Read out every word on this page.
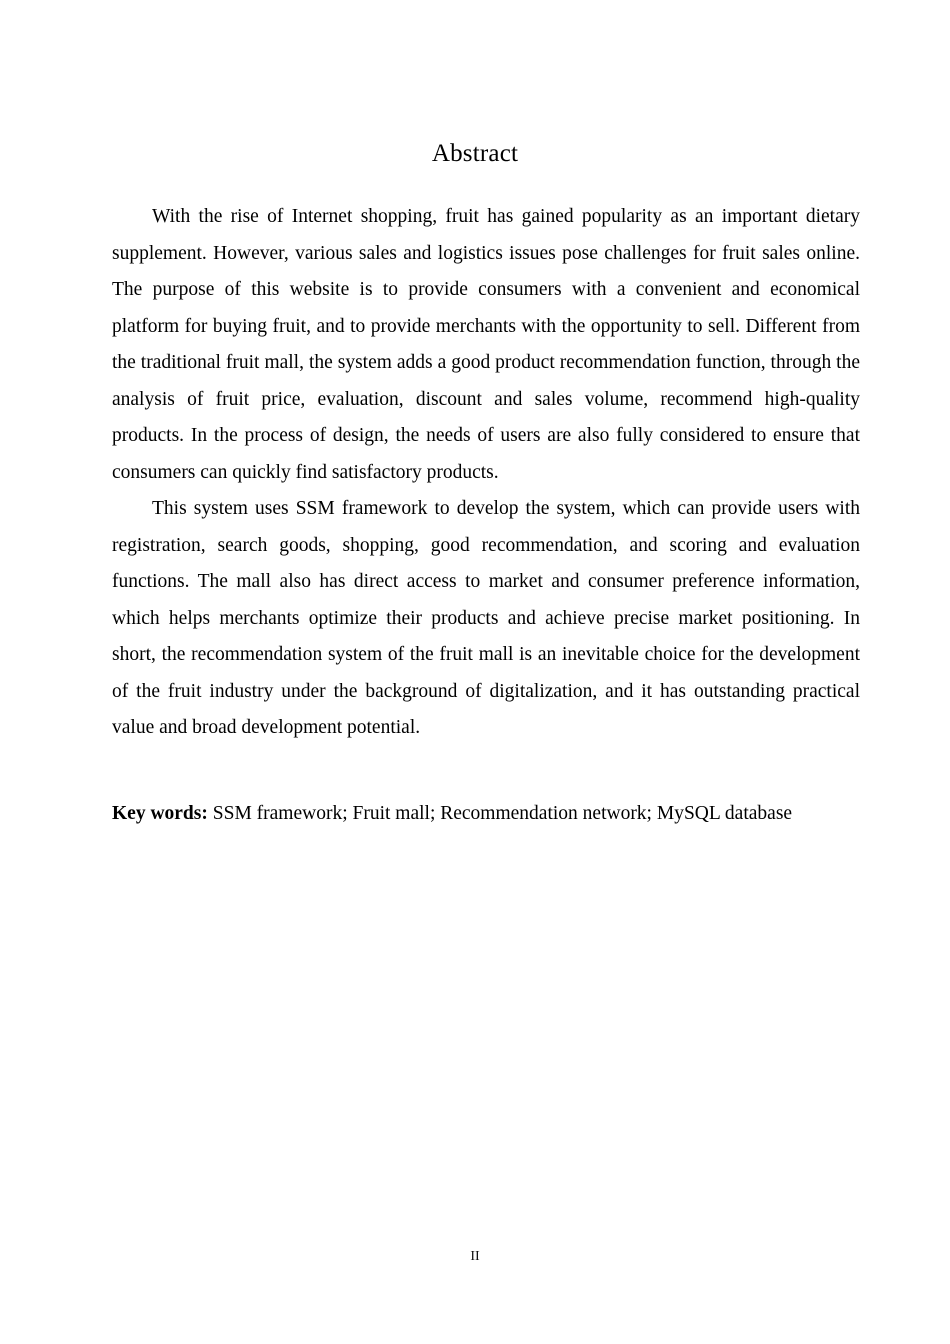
Abstract

With the rise of Internet shopping, fruit has gained popularity as an important dietary supplement. However, various sales and logistics issues pose challenges for fruit sales online. The purpose of this website is to provide consumers with a convenient and economical platform for buying fruit, and to provide merchants with the opportunity to sell. Different from the traditional fruit mall, the system adds a good product recommendation function, through the analysis of fruit price, evaluation, discount and sales volume, recommend high-quality products. In the process of design, the needs of users are also fully considered to ensure that consumers can quickly find satisfactory products.

This system uses SSM framework to develop the system, which can provide users with registration, search goods, shopping, good recommendation, and scoring and evaluation functions. The mall also has direct access to market and consumer preference information, which helps merchants optimize their products and achieve precise market positioning. In short, the recommendation system of the fruit mall is an inevitable choice for the development of the fruit industry under the background of digitalization, and it has outstanding practical value and broad development potential.

Key words: SSM framework; Fruit mall; Recommendation network; MySQL database
II
